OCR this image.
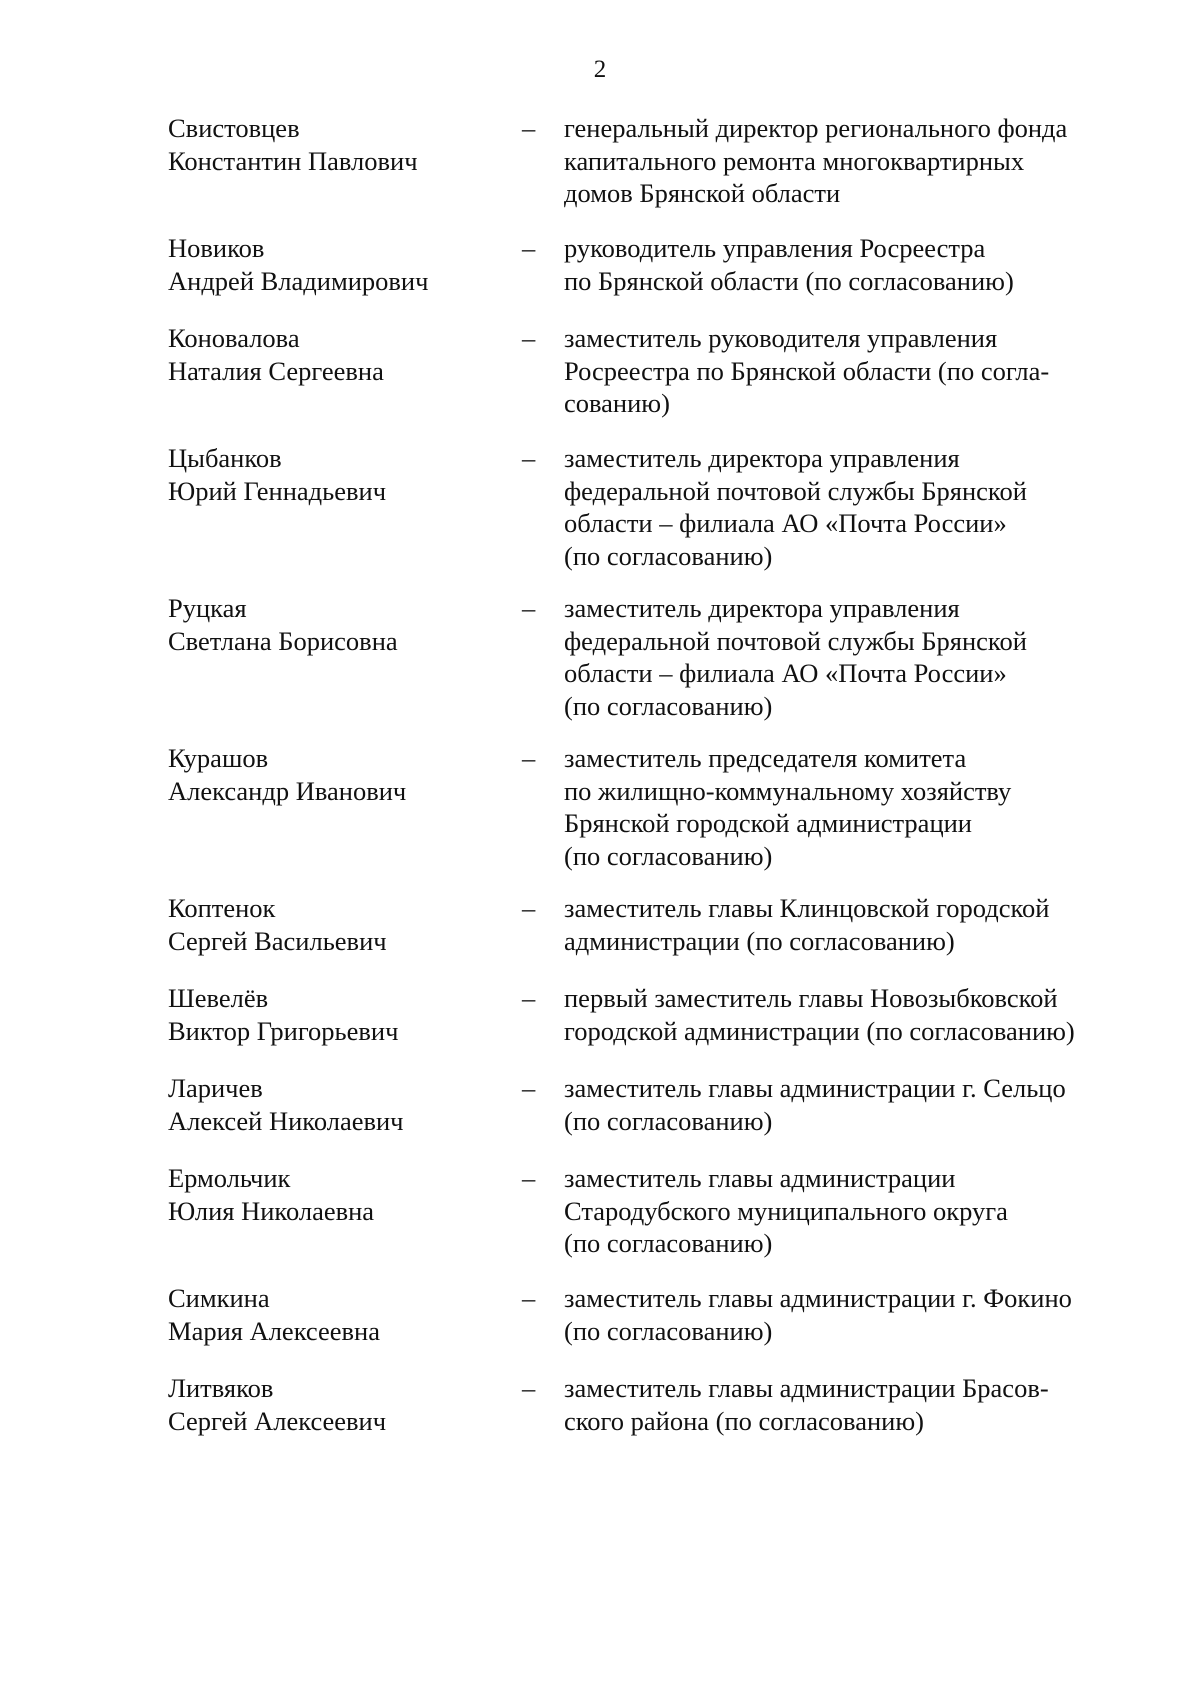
2
Свистовцев
Константин Павлович
– генеральный директор регионального фонда
капитального ремонта многоквартирных
домов Брянской области
Новиков
Андрей Владимирович
– руководитель управления Росреестра
по Брянской области (по согласованию)
Коновалова
Наталия Сергеевна
– заместитель руководителя управления
Росреестра по Брянской области (по согла-
сованию)
Цыбанков
Юрий Геннадьевич
– заместитель директора управления
федеральной почтовой службы Брянской
области – филиала АО «Почта России»
(по согласованию)
Руцкая
Светлана Борисовна
– заместитель директора управления
федеральной почтовой службы Брянской
области – филиала АО «Почта России»
(по согласованию)
Курашов
Александр Иванович
– заместитель председателя комитета
по жилищно-коммунальному хозяйству
Брянской городской администрации
(по согласованию)
Коптенок
Сергей Васильевич
– заместитель главы Клинцовской городской
администрации (по согласованию)
Шевелёв
Виктор Григорьевич
– первый заместитель главы Новозыбковской
городской администрации (по согласованию)
Ларичев
Алексей Николаевич
– заместитель главы администрации г. Сельцо
(по согласованию)
Ермольчик
Юлия Николаевна
– заместитель главы администрации
Стародубского муниципального округа
(по согласованию)
Симкина
Мария Алексеевна
– заместитель главы администрации г. Фокино
(по согласованию)
Литвяков
Сергей Алексеевич
– заместитель главы администрации Брасов-
ского района (по согласованию)
